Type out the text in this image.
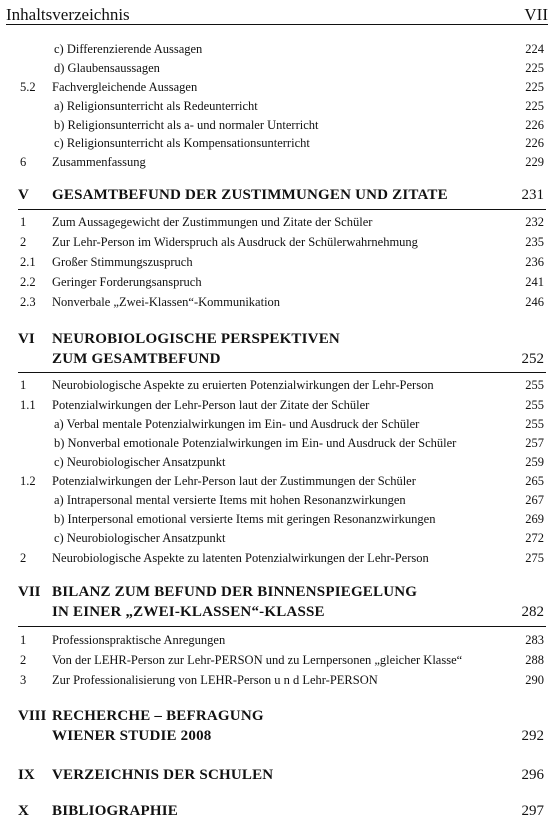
Inhaltsverzeichnis	VII
c) Differenzierende Aussagen	224
d) Glaubensaussagen	225
5.2 Fachvergleichende Aussagen	225
a) Religionsunterricht als Redeunterricht	225
b) Religionsunterricht als a- und normaler Unterricht	226
c) Religionsunterricht als Kompensationsunterricht	226
6 Zusammenfassung	229
V GESAMTBEFUND DER ZUSTIMMUNGEN UND ZITATE	231
1 Zum Aussagegewicht der Zustimmungen und Zitate der Schüler	232
2 Zur Lehr-Person im Widerspruch als Ausdruck der Schülerwahrnehmung	235
2.1 Großer Stimmungszuspruch	236
2.2 Geringer Forderungsanspruch	241
2.3 Nonverbale „Zwei-Klassen“-Kommunikation	246
VI NEUROBIOLOGISCHE PERSPEKTIVEN
ZUM GESAMTBEFUND	252
1 Neurobiologische Aspekte zu eruierten Potenzialwirkungen der Lehr-Person	255
1.1 Potenzialwirkungen der Lehr-Person laut der Zitate der Schüler	255
a) Verbal mentale Potenzialwirkungen im Ein- und Ausdruck der Schüler	255
b) Nonverbal emotionale Potenzialwirkungen im Ein- und Ausdruck der Schüler	257
c) Neurobiologischer Ansatzpunkt	259
1.2 Potenzialwirkungen der Lehr-Person laut der Zustimmungen der Schüler	265
a) Intrapersonal mental versierte Items mit hohen Resonanzwirkungen	267
b) Interpersonal emotional versierte Items mit geringen Resonanzwirkungen	269
c) Neurobiologischer Ansatzpunkt	272
2 Neurobiologische Aspekte zu latenten Potenzialwirkungen der Lehr-Person	275
VII BILANZ ZUM BEFUND DER BINNENSPIEGELUNG
IN EINER „ZWEI-KLASSEN“-KLASSE	282
1 Professionspraktische Anregungen	283
2 Von der LEHR-Person zur Lehr-PERSON und zu Lernpersonen „gleicher Klasse“	288
3 Zur Professionalisierung von LEHR-Person u n d Lehr-PERSON	290
VIII RECHERCHE – BEFRAGUNG
WIENER STUDIE 2008	292
IX VERZEICHNIS DER SCHULEN	296
X BIBLIOGRAPHIE	297
